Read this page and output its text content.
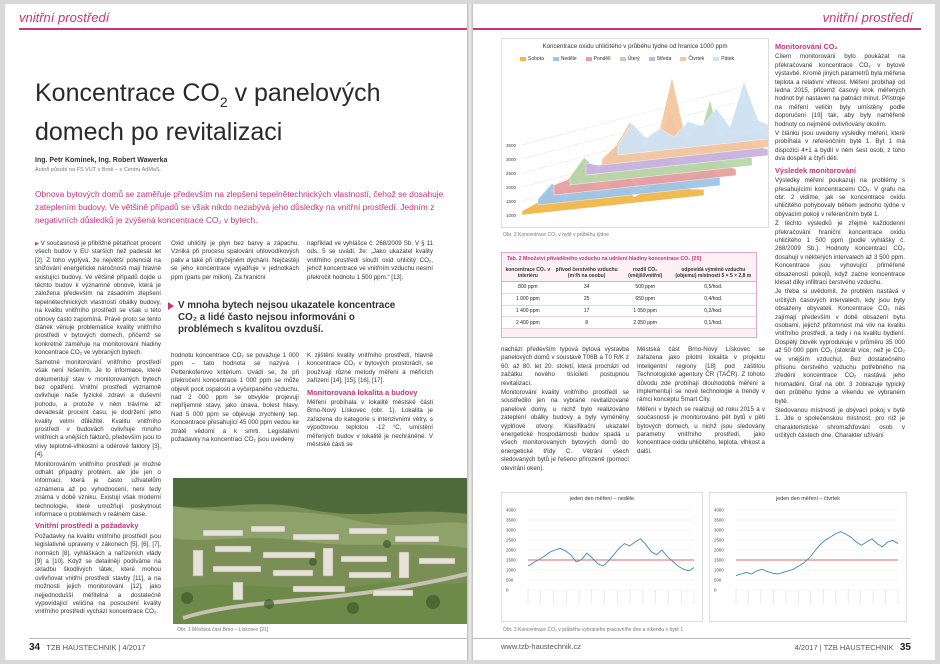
vnitřní prostředí
Koncentrace $CO_2$ v panelových domech po revitalizaci
Ing. Petr Komínek, Ing. Robert Wawerka
Autoři působí na FS VUT v Brně – v Centru AdMaS.
Obnova bytových domů se zaměřuje především na zlepšení tepelnětechnických vlastností, čehož se dosahuje zateplením budovy. Ve většině případů se však nikdo nezabývá jeho důsledky na vnitřní prostředí. Jedním z negativních důsledků je zvýšená koncentrace CO₂ v bytech.

▶ V současnosti je přibližně pětatřicet procent všech budov v EU starších než padesát let [2]. Z toho vyplývá, že největší potenciál na snižování energetické náročnosti mají hlavně existující budovy. Ve většině případů dojde u těchto budov k významné obnově, která je založena především na zásadním zlepšení tepelnětechnických vlastností obálky budovy, na kvalitu vnitřního prostředí se však u této obnovy často zapomíná. Právě proto se tento článek věnuje problematice kvality vnitřního prostředí v bytových domech, přičemž se konkrétně zaměřuje na monitorování hladiny koncentrace CO₂ ve vybraných bytech.

Samotné monitorování vnitřního prostředí však není řešením. Je to informace, které dokumentují stav v monitorovaných bytech bez opatření. Vnitřní prostředí významně ovlivňuje naše fyzické zdraví a duševní pohodu, a protože v něm trávíme až devadesát procent času, je dodržení jeho kvality velmi důležité. Kvalitu vnitřního prostředí v budovách ovlivňuje mnoho vnitřních a vnějších faktorů, především jsou to vlivy teplotně-vlhkostní a odérové faktory [3], [4].

Monitorováním vnitřního prostředí je možné odhalit případný problém, ale jde jen o informaci, která je často uživatelům oznámena až po vyhodnocení, není tedy známa v době vzniku. Existují však moderní technologie, které umožňují poskytnout informace o problémech v reálném čase.

Vnitřní prostředí a požadavky

Požadavky na kvalitu vnitřního prostředí jsou legislativně upraveny v zákonech [5], [6], [7], normách [8], vyhláškách a nařízeních vlády [9] a [10]. Když se detailněji podíváme na skladbu škodlivých látek, které mohou ovlivňovat vnitřní prostředí stavby [11], a na možnosti jejich monitorování [12], jako nejjednodušší měřitelná a dostatečně vypovídající veličina na posouzení kvality vnitřního prostředí vychází koncentrace CO₂.

Oxid uhličitý je plyn bez barvy a zápachu. Vzniká při procesu spalování uhlovodíkových paliv a také při obyčejném dýchání. Nejčastěji se jeho koncentrace vyjadřuje v jednotkách ppm (parts per milion). Za hraniční

například ve vyhlášce č. 268/2009 Sb. V § 11 ods. 5 se uvádí, že: „Jako ukazatel kvality vnitřního prostředí slouží oxid uhličitý CO₂, jehož koncentrace ve vnitřním vzduchu nesmí překročit hodnotu 1 500 ppm.“ [13].

V mnoha bytech nejsou ukazatele koncentrace CO₂ a lidé často nejsou informováni o problémech s kvalitou ovzduší.

hodnotu koncentrace CO₂ se považuje 1 000 ppm – tato hodnota se nazývá i Pettenkoferovo kritérium. Uvádí se, že při překročení koncentrace 1 000 ppm se může objevit pocit ospalosti a vyčerpaného vzduchu, nad 2 000 ppm se obvykle projevují nepříjemné stavy, jako únava, bolest hlavy. Nad 5 000 ppm se objevuje zrychlený tep. Koncentrace přesahující 45 000 ppm vedou ke ztrátě vědomí a k smrti. Legislativní požadavky na koncentraci CO₂ jsou uvedeny

K zjištění kvality vnitřního prostředí, hlavně koncentrace CO₂ v bytových prostorách, se používají různé metody měření a měřicích zařízení [14], [15], [16], [17].

Monitorovaná lokalita a budovy

Měření probíhala v lokalitě městské části Brno-Nový Lískovec (obr. 1). Lokalita je zařazena do kategorie s intenzivními větry, s výpočtovou teplotou -12 °C, umístění měřených budov v lokalitě je nechráněné. V městské části se

Obr. 1 Městská část Brno – Lískovec [21]
34 TZB HAUSTECHNIK | 4/2017
vnitřní prostředí
Koncentrace oxidu uhličitého v průběhu týdne od hranice 1000 ppm
Sobota	Neděle	Pondělí	Úterý	Středa	Čtvrtek	Pátek
3500
3000
2500
2000
1500
1000
Obr. 2 Koncentrace CO₂ v bytě v průběhu týdne
Tab. 2 Množství přiváděného vzduchu na udržení hladiny koncentrace CO₂ [20]
koncentrace CO₂ v interiéru	přívod čerstvého vzduchu (m³/h na osobu)	rozdíl CO₂ (vnější/vnitřní)	odpovídá výměně vzduchu (objemu) místnosti 5 × 5 × 2,8 m
800 ppm	34	500 ppm	0,5/hod.
1 000 ppm	25	650 ppm	0,4/hod.
1 400 ppm	17	1 050 ppm	0,2/hod.
2 400 ppm	8	2 050 ppm	0,1/hod.

nachází především typová bytová výstavba panelových domů v soustavě T06B a T0 R/K z 60. až 80. let 20. století, která prochází od začátku nového tisíciletí postupnou revitalizací.

Monitorování kvality vnitřního prostředí se soustředilo jen na vybrané revitalizované panelové domy, u nichž bylo realizováno zateplení obálky budovy a byly vyměněny výplňové otvory. Klasifikační ukazatel energetické hospodárnosti budov spadá u všech monitorovaných bytových domů do energetické třídy C. Větrání všech sledovaných bytů je řešeno přirozeně (pomocí otevírání oken).

Městská část Brno-Nový Lískovec se zařazena jako pilotní lokalita v projektu Inteligentní regiony [18] pod záštitou Technologické agentury ČR (TAČR). Z tohoto důvodu zde probíhají dlouhodobá měření a implementují se nové technologie a trendy v rámci konceptu Smart City.

Měření v bytech se realizují od roku 2015 a v současnosti je monitorováno pět bytů v pěti bytových domech, u nichž jsou sledovány parametry vnitřního prostředí, jako koncentrace oxidu uhličitého, teplota, vlhkost a další.

Monitorování CO₂

Cílem monitorování bylo poukázat na překračované koncentrace CO₂ v bytové výstavbě. Kromě jiných parametrů byla měřena teplota a relativní vlhkost. Měření probíhají od ledna 2015, přičemž časový krok měřených hodnot byl nastaven na patnáct minut. Přístroje na měření veličin byly umístěny podle doporučení [19] tak, aby byly naměřené hodnoty co nejméně ovlivňovány okolím.

V článku jsou uvedeny výsledky měření, které probíhala v referenčním bytě 1. Byt 1 má dispozici 4+1 a bydlí v něm šest osob, z toho dva dospělí a čtyři děti.

Výsledek monitorování

Výsledky měření poukazují na problémy s přesahujícími koncentracemi CO₂. V grafu na obr. 2 vidíme, jak se koncentrace oxidu uhličitého pohybovaly během jednoho týdne v obývacím pokoji v referenčním bytě 1.

Z těchto výsledků je zřejmé každodenní překračování hraniční koncentrace oxidu uhličitého 1 500 ppm (podle vyhlášky č. 268/2009 Sb.). Hodnoty koncentrací CO₂ dosahují v některých intervalech až 3 500 ppm. Koncentrace jsou vyhovující přiměřené obsazenosti pokojů, když začne koncentrace klesat díky infiltraci čerstvého vzduchu.

Je třeba si uvědomit, že problém nastává v určitých časových intervalech, kdy jsou byty obsazeny obyvateli. Koncentrace CO₂ nás zajímají především v době obsazení bytu osobami, jejichž přítomnost má vliv na kvalitu vnitřního prostředí, a tedy i na kvalitu bydlení. Dospělý člověk vyprodukuje v průměru 35 000 až 50 000 ppm CO₂ (stokrát více, než je CO₂ ve vnějším vzduchu). Bez dostatečného přísunu čerstvého vzduchu potřebného na zředění koncentrace CO₂ nastává jeho hromadění. Graf na obr. 3 zobrazuje typický den průběhu týdne a víkendu ve vybraném bytě.

Sledovanou místností je obývací pokoj v bytě 1. Jde o společenskou místnost, pro níž je charakteristické shromažďování osob v určitých částech dne. Charakter užívání

jeden den měření – neděle
4000
3500
3000
2500
2000
1500
1000
500
0
jeden den měření – čtvrtek
4000
3500
3000
2500
2000
1500
1000
500
0
Obr. 3 Koncentrace CO₂ v průběhu vybraného pracovního dne a víkendu v bytě 1
www.tzb-haustechnik.cz	4/2017 | TZB HAUSTECHNIK 35
